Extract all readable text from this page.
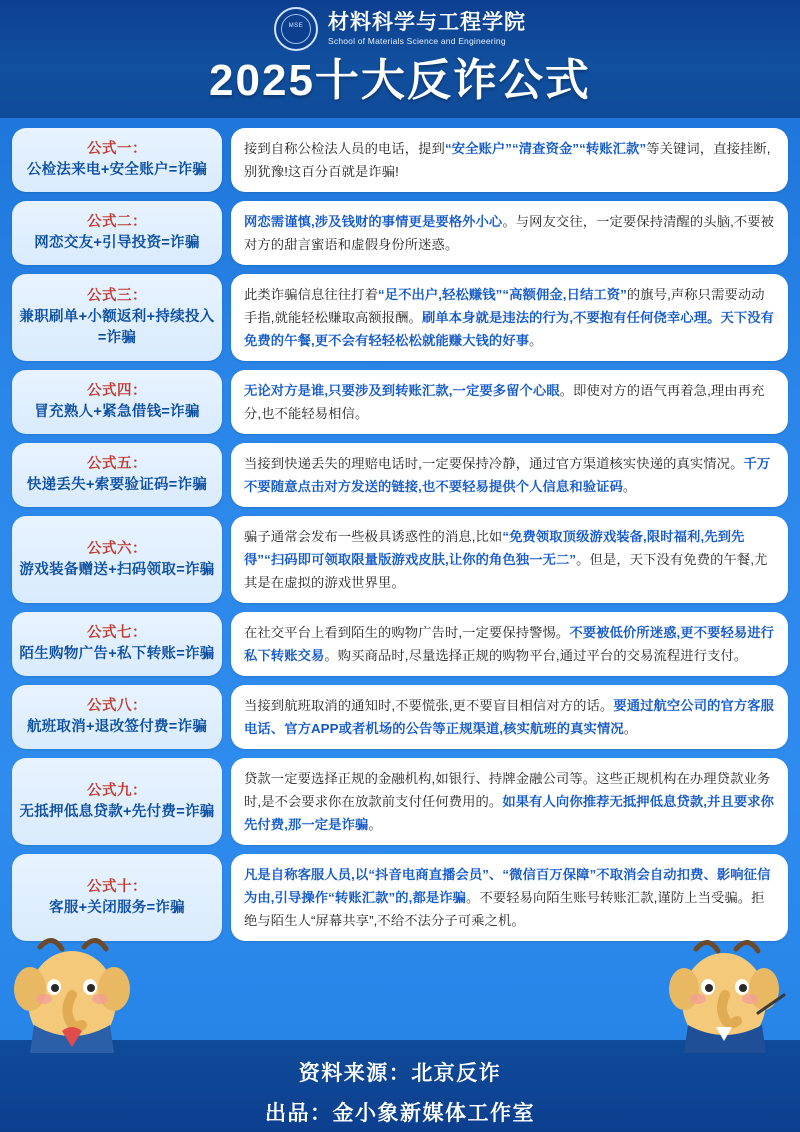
MSE	材料科学与工程学院
School of Materials Science and Engineering
2025十大反诈公式
公式一：
公检法来电+安全账户=诈骗

接到自称公检法人员的电话，提到“安全账户”“清查资金”“转账汇款”等关键词，直接挂断,别犹豫!这百分百就是诈骗!

公式二：
网恋交友+引导投资=诈骗

网恋需谨慎,涉及钱财的事情更是要格外小心。与网友交往，一定要保持清醒的头脑,不要被对方的甜言蜜语和虚假身份所迷惑。

公式三：
兼职刷单+小额返利+持续投入=诈骗

此类诈骗信息往往打着“足不出户,轻松赚钱”“高额佣金,日结工资”的旗号,声称只需要动动手指,就能轻松赚取高额报酬。刷单本身就是违法的行为,不要抱有任何侥幸心理。天下没有免费的午餐,更不会有轻轻松松就能赚大钱的好事。

公式四：
冒充熟人+紧急借钱=诈骗

无论对方是谁,只要涉及到转账汇款,一定要多留个心眼。即使对方的语气再着急,理由再充分,也不能轻易相信。

公式五：
快递丢失+索要验证码=诈骗

当接到快递丢失的理赔电话时,一定要保持冷静，通过官方渠道核实快递的真实情况。千万不要随意点击对方发送的链接,也不要轻易提供个人信息和验证码。

公式六：
游戏装备赠送+扫码领取=诈骗

骗子通常会发布一些极具诱惑性的消息,比如“免费领取顶级游戏装备,限时福利,先到先得”“扫码即可领取限量版游戏皮肤,让你的角色独一无二”。但是，天下没有免费的午餐,尤其是在虚拟的游戏世界里。

公式七：
陌生购物广告+私下转账=诈骗

在社交平台上看到陌生的购物广告时,一定要保持警惕。不要被低价所迷惑,更不要轻易进行私下转账交易。购买商品时,尽量选择正规的购物平台,通过平台的交易流程进行支付。

公式八：
航班取消+退改签付费=诈骗

当接到航班取消的通知时,不要慌张,更不要盲目相信对方的话。要通过航空公司的官方客服电话、官方APP或者机场的公告等正规渠道,核实航班的真实情况。

公式九：
无抵押低息贷款+先付费=诈骗

贷款一定要选择正规的金融机构,如银行、持牌金融公司等。这些正规机构在办理贷款业务时,是不会要求你在放款前支付任何费用的。如果有人向你推荐无抵押低息贷款,并且要求你先付费,那一定是诈骗。

公式十：
客服+关闭服务=诈骗

凡是自称客服人员,以“抖音电商直播会员”、“微信百万保障”不取消会自动扣费、影响征信为由,引导操作“转账汇款”的,都是诈骗。不要轻易向陌生账号转账汇款,谨防上当受骗。拒绝与陌生人“屏幕共享”,不给不法分子可乘之机。

资料来源：北京反诈
出品：金小象新媒体工作室
